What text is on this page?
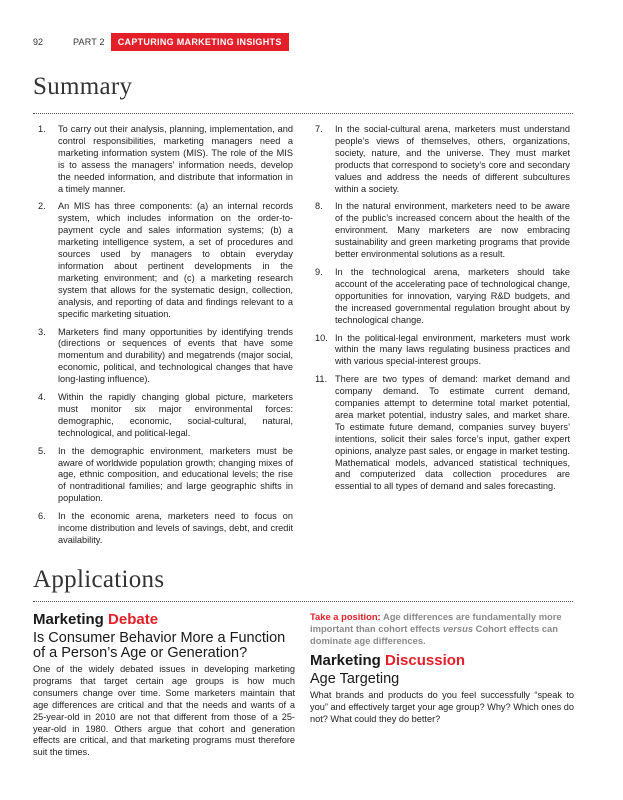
92	PART 2	CAPTURING MARKETING INSIGHTS
Summary
1.	To carry out their analysis, planning, implementation, and control responsibilities, marketing managers need a marketing information system (MIS). The role of the MIS is to assess the managers’ information needs, develop the needed information, and distribute that information in a timely manner.
2.	An MIS has three components: (a) an internal records system, which includes information on the order-to-payment cycle and sales information systems; (b) a marketing intelligence system, a set of procedures and sources used by managers to obtain everyday information about pertinent developments in the marketing environment; and (c) a marketing research system that allows for the systematic design, collection, analysis, and reporting of data and findings relevant to a specific marketing situation.
3.	Marketers find many opportunities by identifying trends (directions or sequences of events that have some momentum and durability) and megatrends (major social, economic, political, and technological changes that have long-lasting influence).
4.	Within the rapidly changing global picture, marketers must monitor six major environmental forces: demographic, economic, social-cultural, natural, technological, and political-legal.
5.	In the demographic environment, marketers must be aware of worldwide population growth; changing mixes of age, ethnic composition, and educational levels; the rise of nontraditional families; and large geographic shifts in population.
6.	In the economic arena, marketers need to focus on income distribution and levels of savings, debt, and credit availability.
7.	In the social-cultural arena, marketers must understand people’s views of themselves, others, organizations, society, nature, and the universe. They must market products that correspond to society’s core and secondary values and address the needs of different subcultures within a society.
8.	In the natural environment, marketers need to be aware of the public’s increased concern about the health of the environment. Many marketers are now embracing sustainability and green marketing programs that provide better environmental solutions as a result.
9.	In the technological arena, marketers should take account of the accelerating pace of technological change, opportunities for innovation, varying R&D budgets, and the increased governmental regulation brought about by technological change.
10. In the political-legal environment, marketers must work within the many laws regulating business practices and with various special-interest groups.
11. There are two types of demand: market demand and company demand. To estimate current demand, companies attempt to determine total market potential, area market potential, industry sales, and market share. To estimate future demand, companies survey buyers’ intentions, solicit their sales force’s input, gather expert opinions, analyze past sales, or engage in market testing. Mathematical models, advanced statistical techniques, and computerized data collection procedures are essential to all types of demand and sales forecasting.
Applications
Marketing Debate
Is Consumer Behavior More a Function of a Person’s Age or Generation?
One of the widely debated issues in developing marketing programs that target certain age groups is how much consumers change over time. Some marketers maintain that age differences are critical and that the needs and wants of a 25-year-old in 2010 are not that different from those of a 25-year-old in 1980. Others argue that cohort and generation effects are critical, and that marketing programs must therefore suit the times.
Take a position: Age differences are fundamentally more important than cohort effects versus Cohort effects can dominate age differences.
Marketing Discussion
Age Targeting
What brands and products do you feel successfully “speak to you” and effectively target your age group? Why? Which ones do not? What could they do better?
